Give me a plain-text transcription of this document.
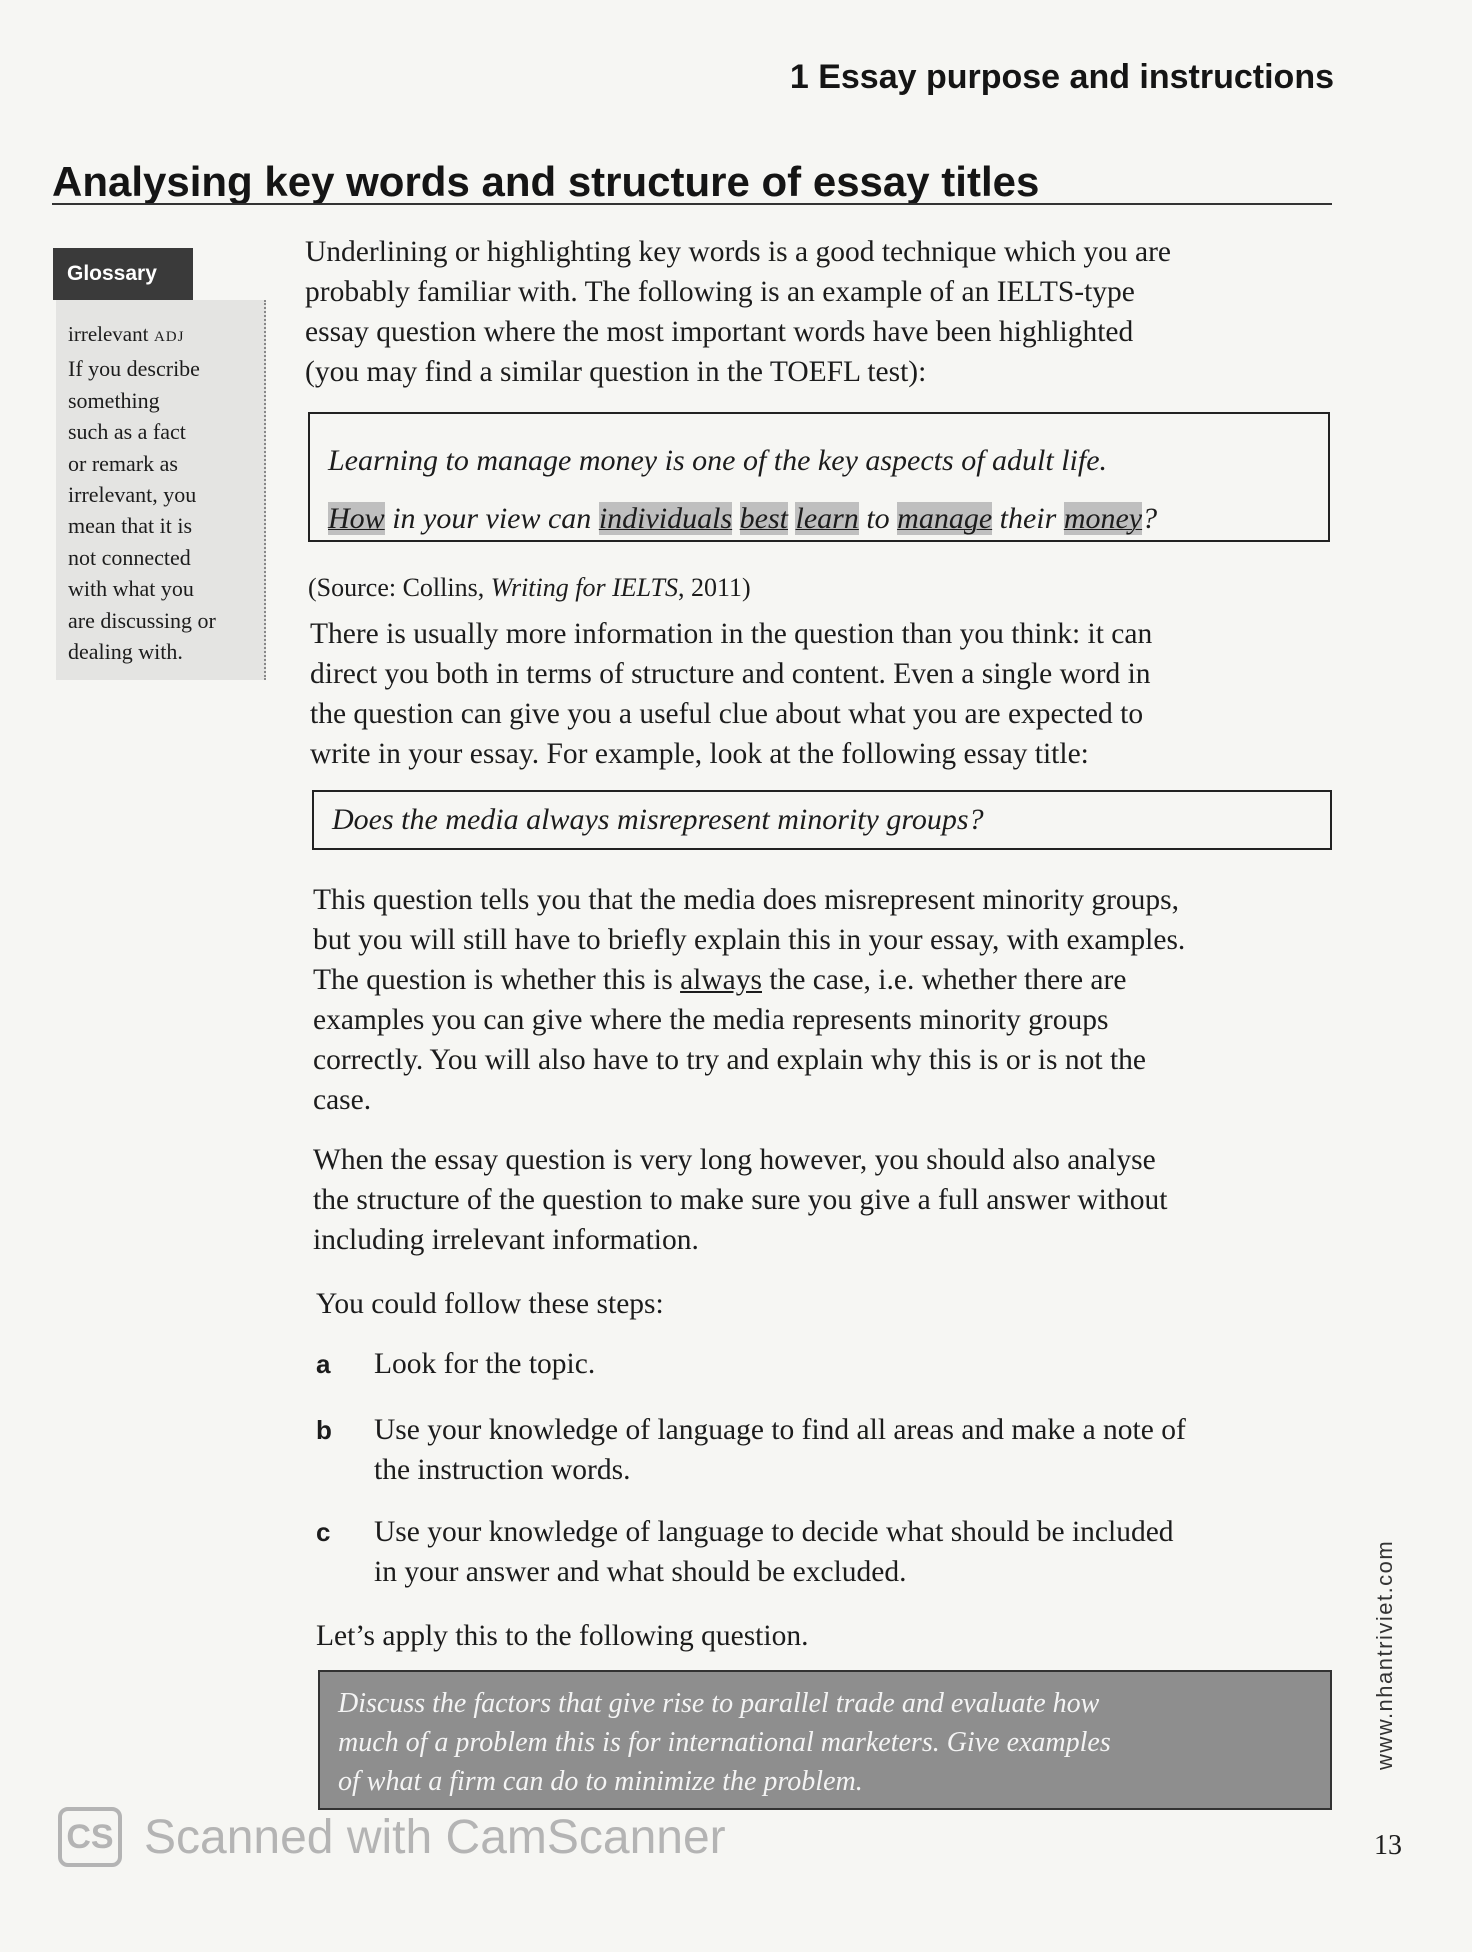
1 Essay purpose and instructions
Analysing key words and structure of essay titles
Glossary
irrelevant ADJ
If you describe
something
such as a fact
or remark as
irrelevant, you
mean that it is
not connected
with what you
are discussing or
dealing with.
Underlining or highlighting key words is a good technique which you are
probably familiar with. The following is an example of an IELTS-type
essay question where the most important words have been highlighted
(you may find a similar question in the TOEFL test):
Learning to manage money is one of the key aspects of adult life.
How in your view can individuals best learn to manage their money?
(Source: Collins, Writing for IELTS, 2011)
There is usually more information in the question than you think: it can
direct you both in terms of structure and content. Even a single word in
the question can give you a useful clue about what you are expected to
write in your essay. For example, look at the following essay title:
Does the media always misrepresent minority groups?
This question tells you that the media does misrepresent minority groups,
but you will still have to briefly explain this in your essay, with examples.
The question is whether this is always the case, i.e. whether there are
examples you can give where the media represents minority groups
correctly. You will also have to try and explain why this is or is not the
case.
When the essay question is very long however, you should also analyse
the structure of the question to make sure you give a full answer without
including irrelevant information.
You could follow these steps:
a Look for the topic.
b Use your knowledge of language to find all areas and make a note of
the instruction words.
c Use your knowledge of language to decide what should be included
in your answer and what should be excluded.
Let’s apply this to the following question.
Discuss the factors that give rise to parallel trade and evaluate how
much of a problem this is for international marketers. Give examples
of what a firm can do to minimize the problem.
www.nhantriviet.com
13
CS Scanned with CamScanner
